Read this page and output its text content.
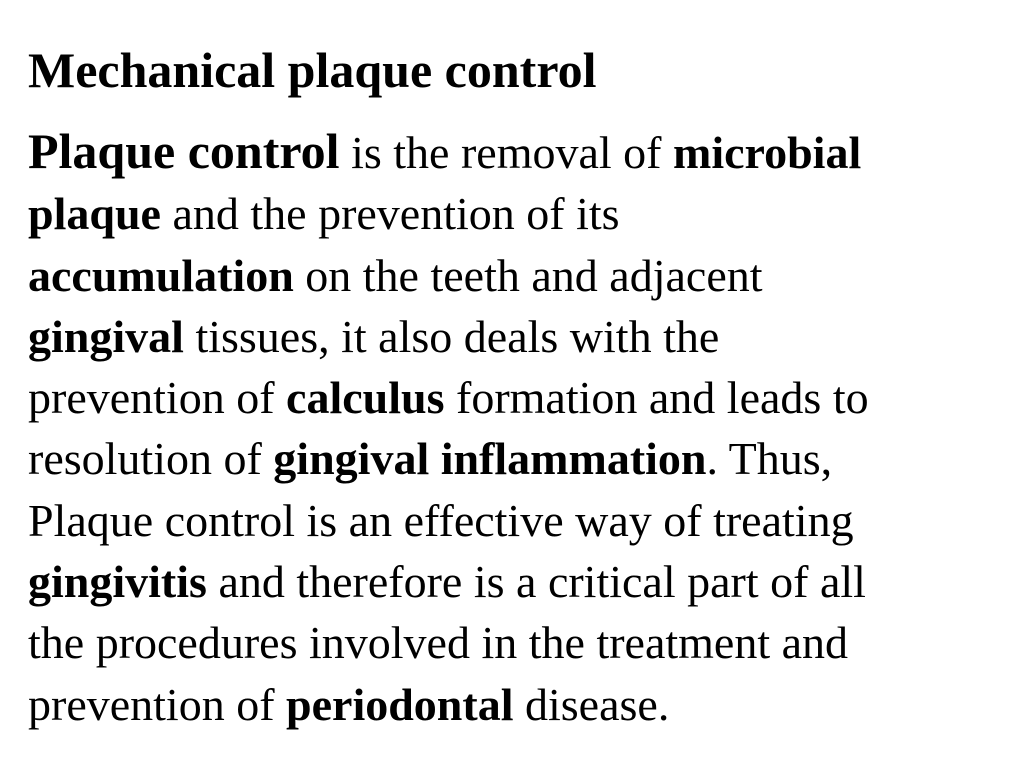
Mechanical plaque control
Plaque control is the removal of microbial
plaque and the prevention of its
accumulation on the teeth and adjacent
gingival tissues, it also deals with the
prevention of calculus formation and leads to
resolution of gingival inflammation. Thus,
Plaque control is an effective way of treating
gingivitis and therefore is a critical part of all
the procedures involved in the treatment and
prevention of periodontal disease.
